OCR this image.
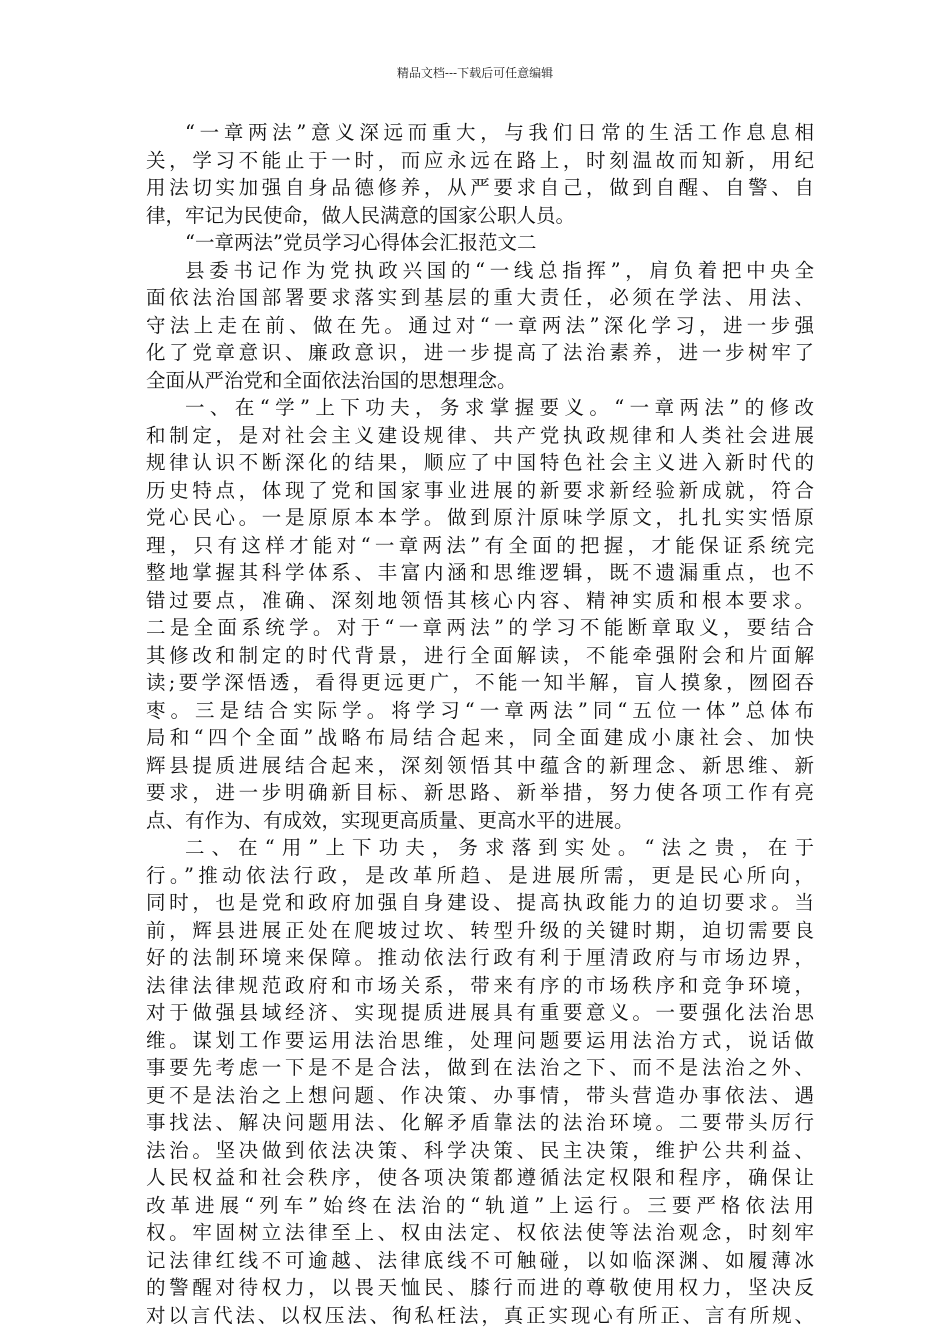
精品文档---下载后可任意编辑
“一章两法”意义深远而重大，与我们日常的生活工作息息相
关，学习不能止于一时，而应永远在路上，时刻温故而知新，用纪
用法切实加强自身品德修养，从严要求自己，做到自醒、自警、自
律，牢记为民使命，做人民满意的国家公职人员。
“一章两法”党员学习心得体会汇报范文二
县委书记作为党执政兴国的“一线总指挥”，肩负着把中央全
面依法治国部署要求落实到基层的重大责任，必须在学法、用法、
守法上走在前、做在先。通过对“一章两法”深化学习，进一步强
化了党章意识、廉政意识，进一步提高了法治素养，进一步树牢了
全面从严治党和全面依法治国的思想理念。
一、在“学”上下功夫，务求掌握要义。“一章两法”的修改
和制定，是对社会主义建设规律、共产党执政规律和人类社会进展
规律认识不断深化的结果，顺应了中国特色社会主义进入新时代的
历史特点，体现了党和国家事业进展的新要求新经验新成就，符合
党心民心。一是原原本本学。做到原汁原味学原文，扎扎实实悟原
理，只有这样才能对“一章两法”有全面的把握，才能保证系统完
整地掌握其科学体系、丰富内涵和思维逻辑，既不遗漏重点，也不
错过要点，准确、深刻地领悟其核心内容、精神实质和根本要求。
二是全面系统学。对于“一章两法”的学习不能断章取义，要结合
其修改和制定的时代背景，进行全面解读，不能牵强附会和片面解
读;要学深悟透，看得更远更广，不能一知半解，盲人摸象，囫囵吞
枣。三是结合实际学。将学习“一章两法”同“五位一体”总体布
局和“四个全面”战略布局结合起来，同全面建成小康社会、加快
辉县提质进展结合起来，深刻领悟其中蕴含的新理念、新思维、新
要求，进一步明确新目标、新思路、新举措，努力使各项工作有亮
点、有作为、有成效，实现更高质量、更高水平的进展。
二、在“用”上下功夫，务求落到实处。“法之贵，在于
行。”推动依法行政，是改革所趋、是进展所需，更是民心所向，
同时，也是党和政府加强自身建设、提高执政能力的迫切要求。当
前，辉县进展正处在爬坡过坎、转型升级的关键时期，迫切需要良
好的法制环境来保障。推动依法行政有利于厘清政府与市场边界，
法律法律规范政府和市场关系，带来有序的市场秩序和竞争环境，
对于做强县域经济、实现提质进展具有重要意义。一要强化法治思
维。谋划工作要运用法治思维，处理问题要运用法治方式，说话做
事要先考虑一下是不是合法，做到在法治之下、而不是法治之外、
更不是法治之上想问题、作决策、办事情，带头营造办事依法、遇
事找法、解决问题用法、化解矛盾靠法的法治环境。二要带头厉行
法治。坚决做到依法决策、科学决策、民主决策，维护公共利益、
人民权益和社会秩序，使各项决策都遵循法定权限和程序，确保让
改革进展“列车”始终在法治的“轨道”上运行。三要严格依法用
权。牢固树立法律至上、权由法定、权依法使等法治观念，时刻牢
记法律红线不可逾越、法律底线不可触碰，以如临深渊、如履薄冰
的警醒对待权力，以畏天恤民、膝行而进的尊敬使用权力，坚决反
对以言代法、以权压法、徇私枉法，真正实现心有所正、言有所规、
